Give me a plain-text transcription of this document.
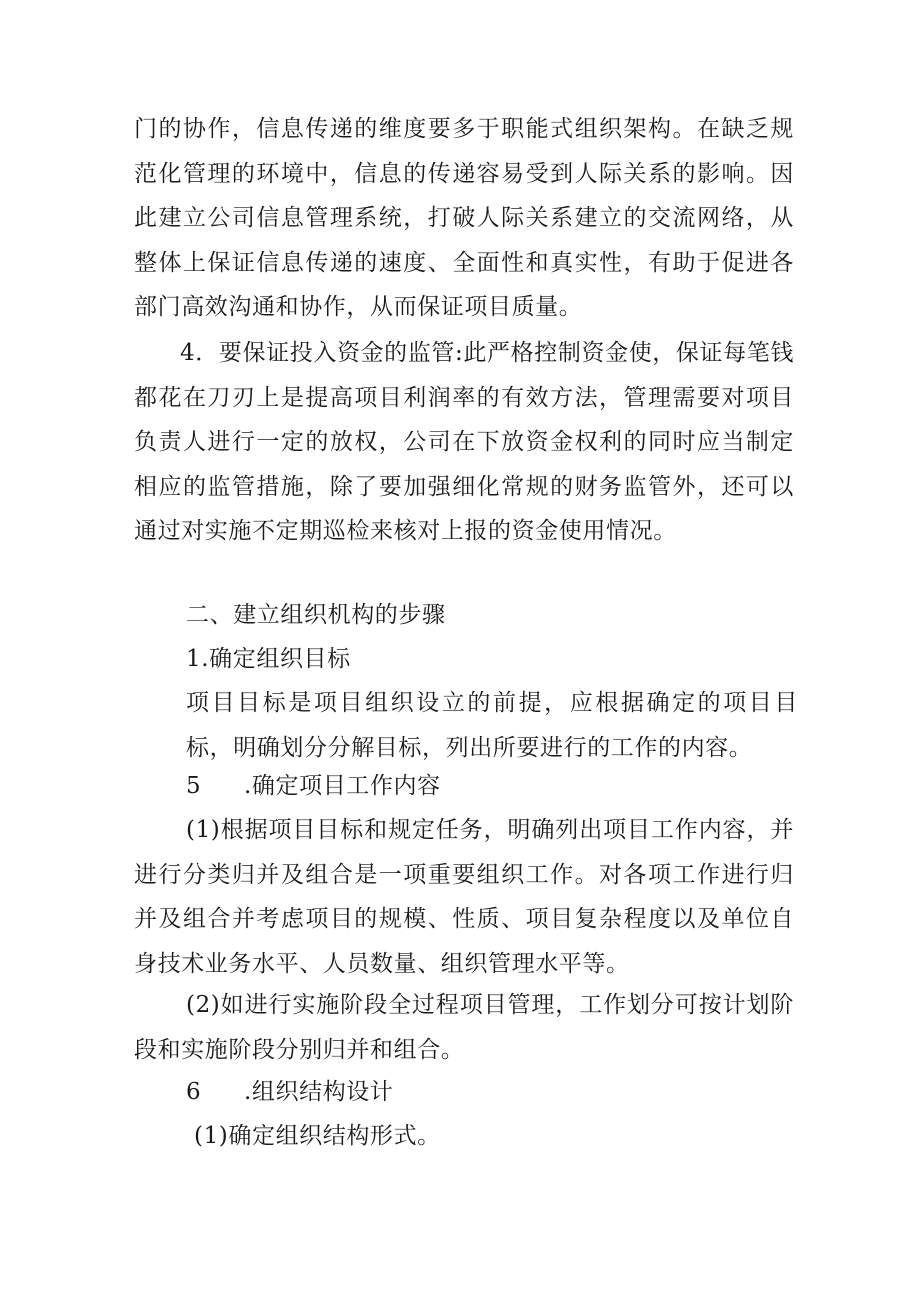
门的协作，信息传递的维度要多于职能式组织架构。在缺乏规范化管理的环境中，信息的传递容易受到人际关系的影响。因此建立公司信息管理系统，打破人际关系建立的交流网络，从整体上保证信息传递的速度、全面性和真实性，有助于促进各部门高效沟通和协作，从而保证项目质量。

4．要保证投入资金的监管:此严格控制资金使，保证每笔钱都花在刀刃上是提高项目利润率的有效方法，管理需要对项目负责人进行一定的放权，公司在下放资金权利的同时应当制定相应的监管措施，除了要加强细化常规的财务监管外，还可以通过对实施不定期巡检来核对上报的资金使用情况。

二、建立组织机构的步骤

1.确定组织目标

项目目标是项目组织设立的前提，应根据确定的项目目标，明确划分分解目标，列出所要进行的工作的内容。

5 .确定项目工作内容

(1)根据项目目标和规定任务，明确列出项目工作内容，并进行分类归并及组合是一项重要组织工作。对各项工作进行归并及组合并考虑项目的规模、性质、项目复杂程度以及单位自身技术业务水平、人员数量、组织管理水平等。

(2)如进行实施阶段全过程项目管理，工作划分可按计划阶段和实施阶段分别归并和组合。

6 .组织结构设计

(1)确定组织结构形式。
